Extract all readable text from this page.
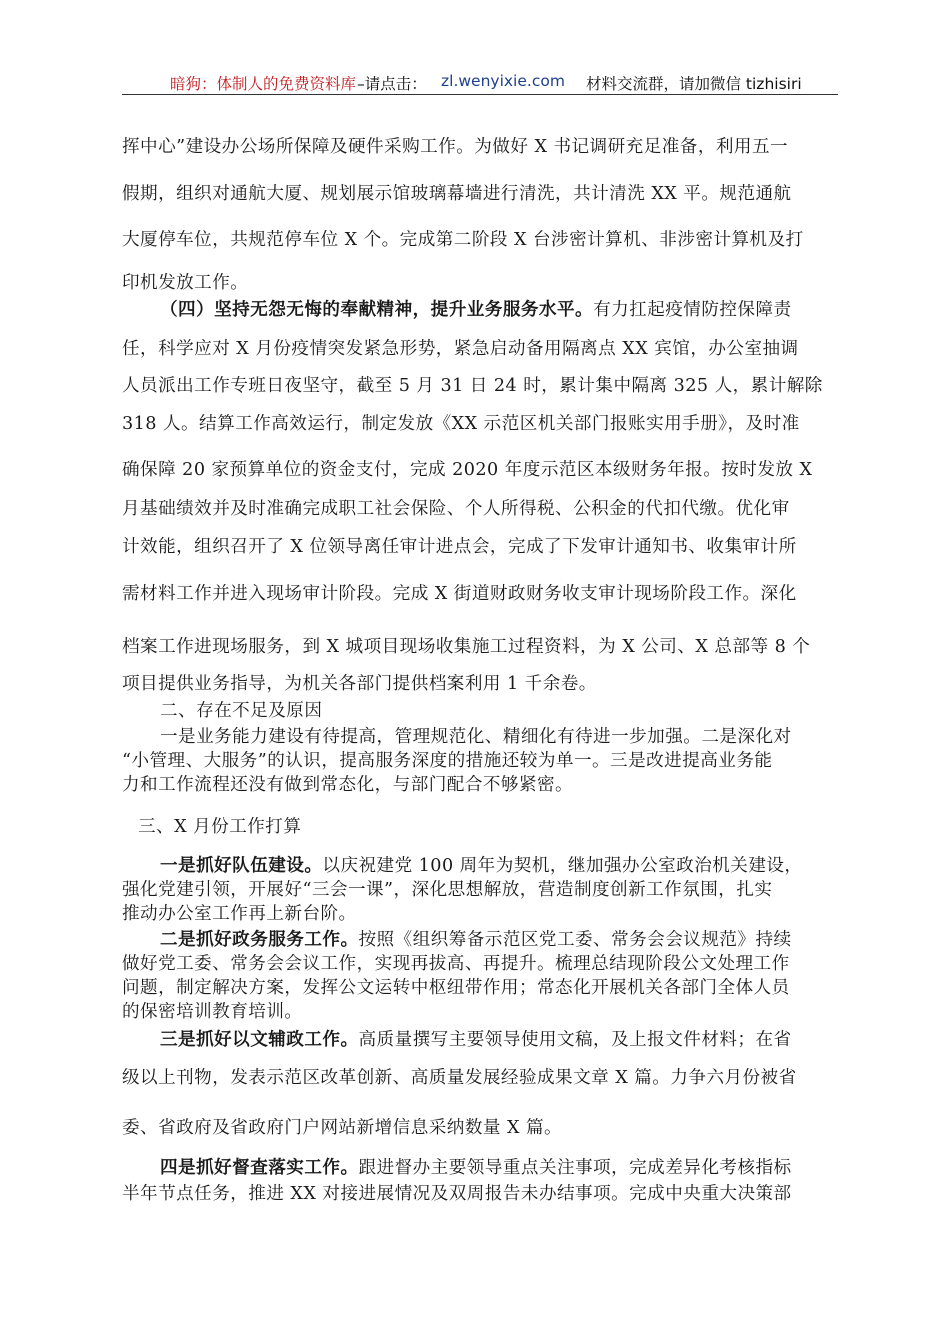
暗狗：体制人的免费资料库 –请点击： zl.wenyixie.com 材料交流群，请加微信 tizhisiri
挥中心”建设办公场所保障及硬件采购工作。为做好 X 书记调研充足准备，利用五一
假期，组织对通航大厦、规划展示馆玻璃幕墙进行清洗，共计清洗 XX 平。规范通航
大厦停车位，共规范停车位 X 个。完成第二阶段 X 台涉密计算机、非涉密计算机及打
印机发放工作。
（四）坚持无怨无悔的奉献精神，提升业务服务水平。有力扛起疫情防控保障责
任，科学应对 X 月份疫情突发紧急形势，紧急启动备用隔离点 XX 宾馆，办公室抽调
人员派出工作专班日夜坚守，截至 5 月 31 日 24 时，累计集中隔离 325 人，累计解除
318 人。结算工作高效运行，制定发放《XX 示范区机关部门报账实用手册》，及时准
确保障 20 家预算单位的资金支付，完成 2020 年度示范区本级财务年报。按时发放 X
月基础绩效并及时准确完成职工社会保险、个人所得税、公积金的代扣代缴。优化审
计效能，组织召开了 X 位领导离任审计进点会，完成了下发审计通知书、收集审计所
需材料工作并进入现场审计阶段。完成 X 街道财政财务收支审计现场阶段工作。深化
档案工作进现场服务，到 X 城项目现场收集施工过程资料，为 X 公司、X 总部等 8 个
项目提供业务指导，为机关各部门提供档案利用 1 千余卷。
二、存在不足及原因
一是业务能力建设有待提高，管理规范化、精细化有待进一步加强。二是深化对
“小管理、大服务”的认识，提高服务深度的措施还较为单一。三是改进提高业务能
力和工作流程还没有做到常态化，与部门配合不够紧密。
三、X 月份工作打算
一是抓好队伍建设。以庆祝建党 100 周年为契机，继加强办公室政治机关建设，
强化党建引领，开展好“三会一课”，深化思想解放，营造制度创新工作氛围，扎实
推动办公室工作再上新台阶。
二是抓好政务服务工作。按照《组织筹备示范区党工委、常务会会议规范》持续
做好党工委、常务会会议工作，实现再拔高、再提升。梳理总结现阶段公文处理工作
问题，制定解决方案，发挥公文运转中枢纽带作用；常态化开展机关各部门全体人员
的保密培训教育培训。
三是抓好以文辅政工作。高质量撰写主要领导使用文稿，及上报文件材料；在省
级以上刊物，发表示范区改革创新、高质量发展经验成果文章 X 篇。力争六月份被省
委、省政府及省政府门户网站新增信息采纳数量 X 篇。
四是抓好督查落实工作。跟进督办主要领导重点关注事项，完成差异化考核指标
半年节点任务，推进 XX 对接进展情况及双周报告未办结事项。完成中央重大决策部
